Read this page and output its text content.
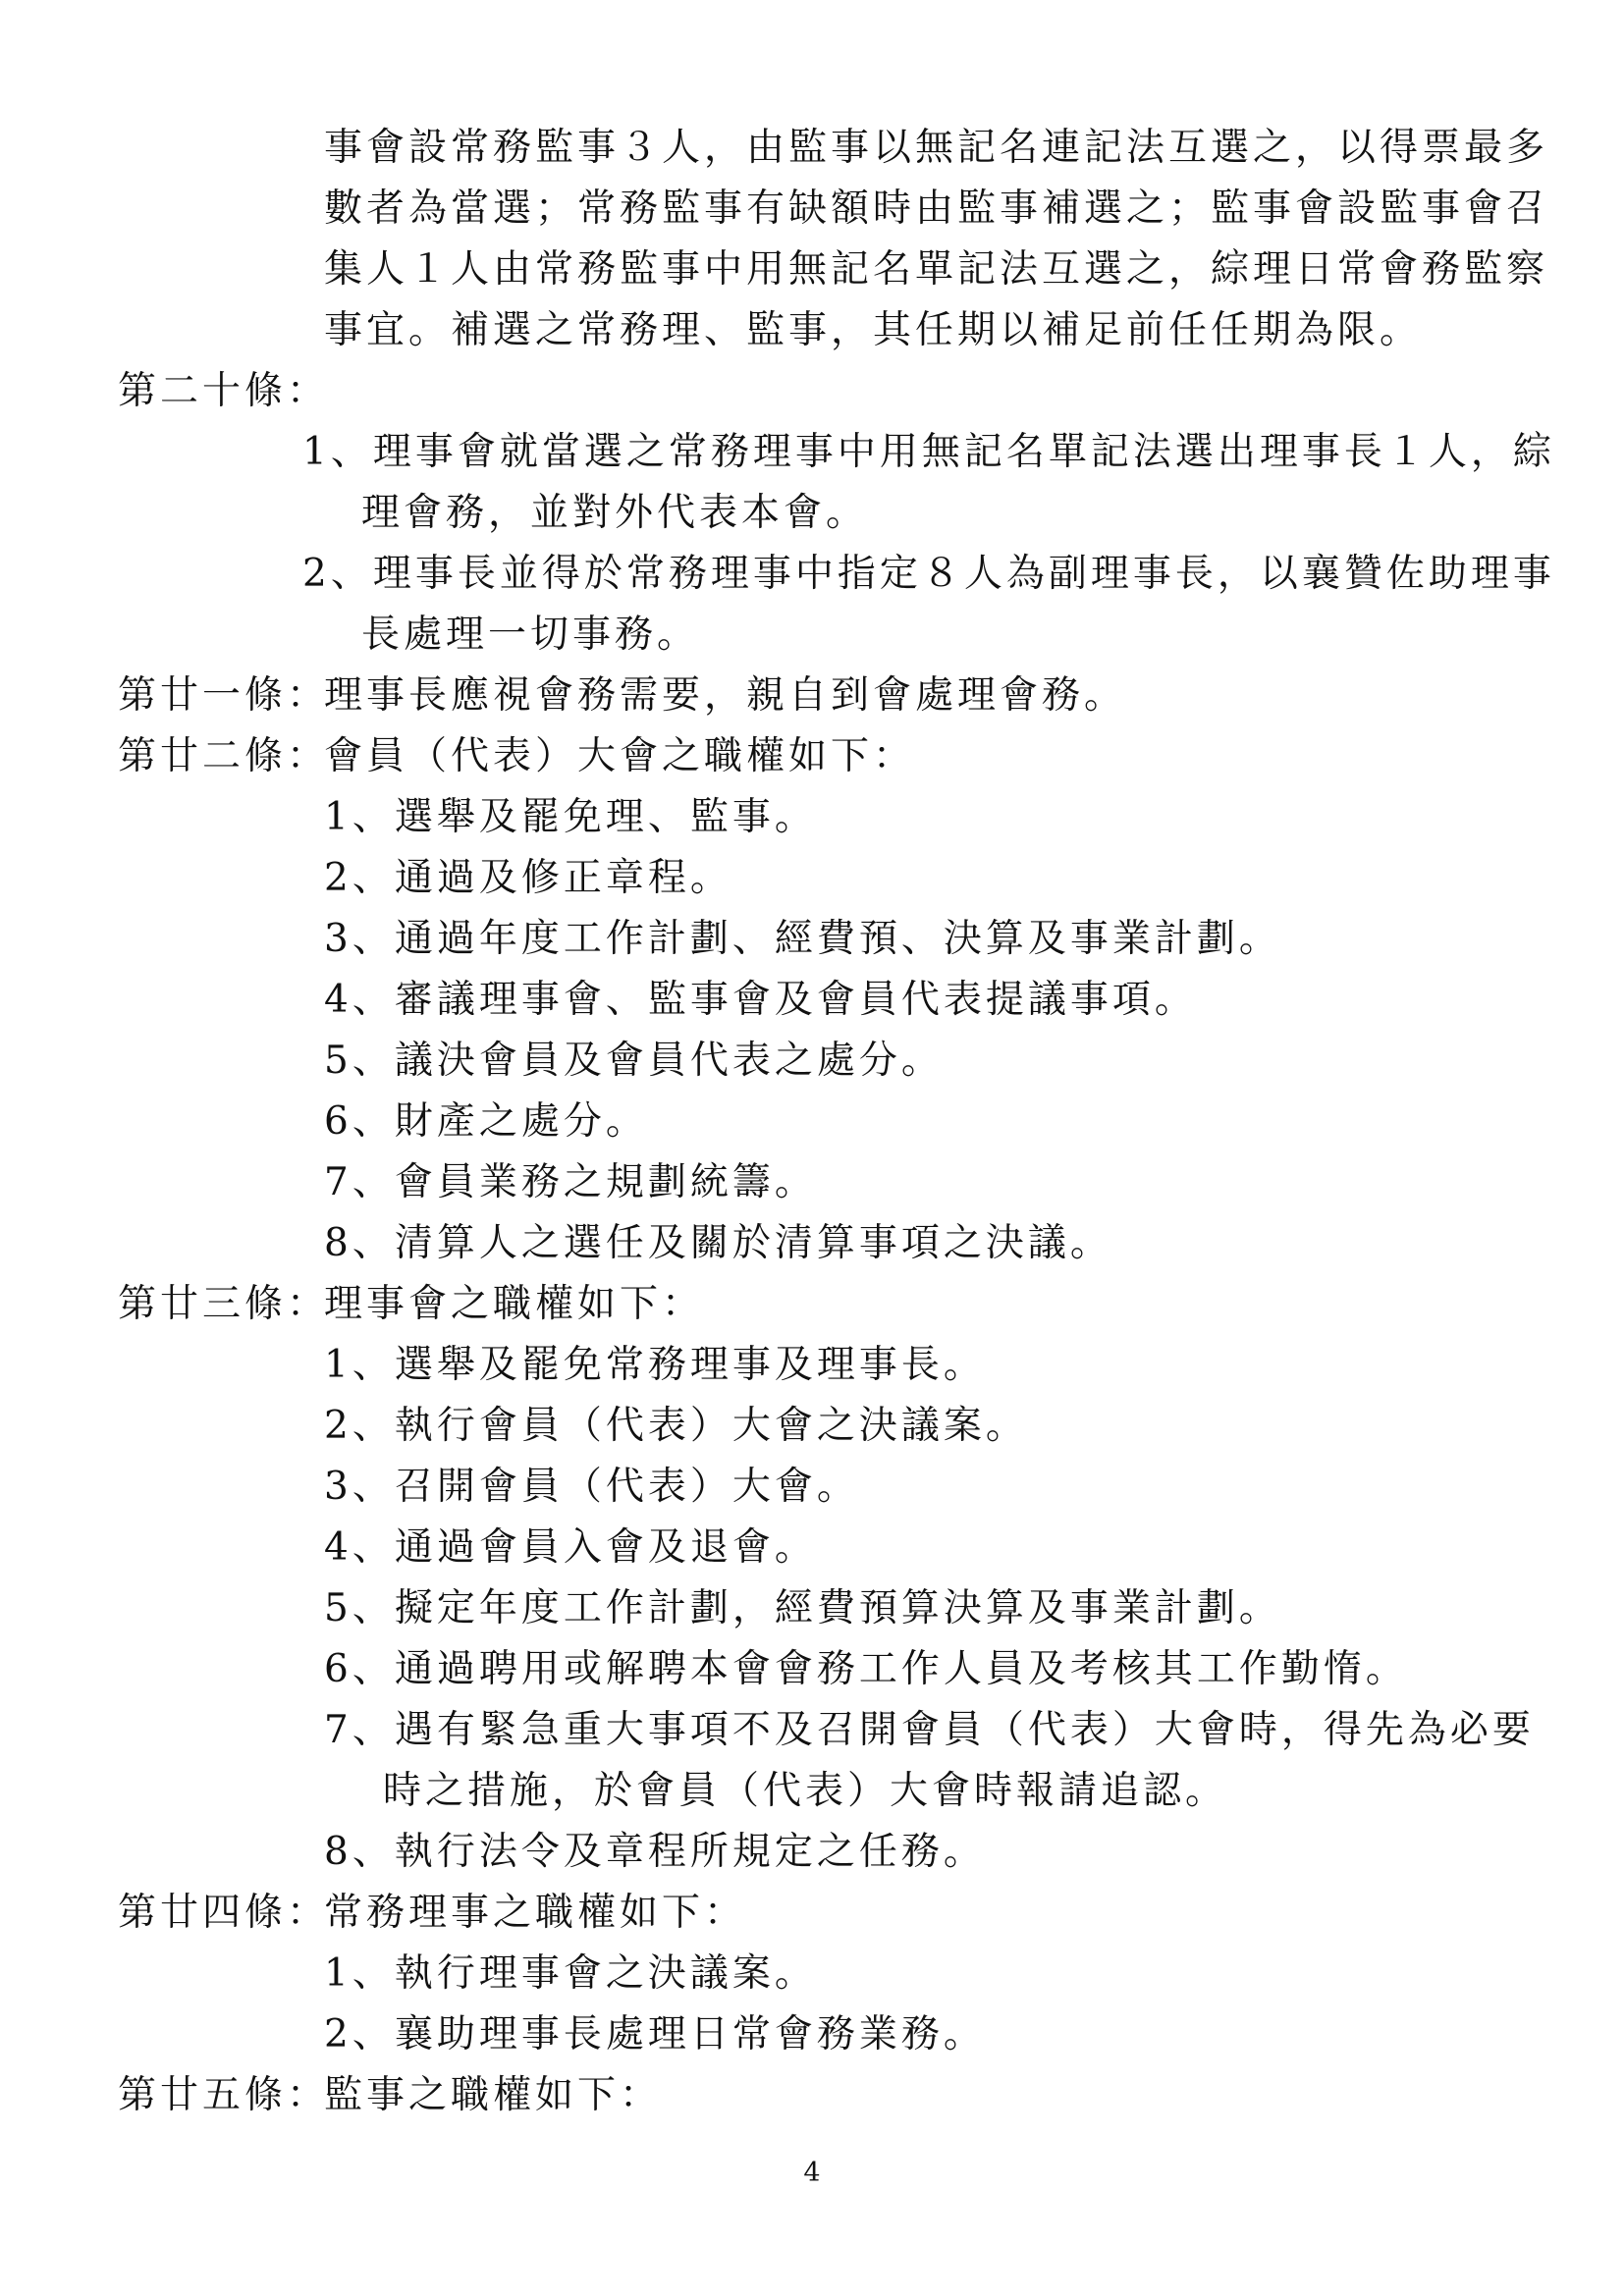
事會設常務監事３人，由監事以無記名連記法互選之，以得票最多

數者為當選；常務監事有缺額時由監事補選之；監事會設監事會召

集人１人由常務監事中用無記名單記法互選之，綜理日常會務監察

事宜。補選之常務理、監事，其任期以補足前任任期為限。

第二十條：

1、理事會就當選之常務理事中用無記名單記法選出理事長１人，綜

理會務，並對外代表本會。

2、理事長並得於常務理事中指定８人為副理事長，以襄贊佐助理事

長處理一切事務。

第廿一條：

理事長應視會務需要，親自到會處理會務。

第廿二條：

會員（代表）大會之職權如下：

1、選舉及罷免理、監事。

2、通過及修正章程。

3、通過年度工作計劃、經費預、決算及事業計劃。

4、審議理事會、監事會及會員代表提議事項。

5、議決會員及會員代表之處分。

6、財產之處分。

7、會員業務之規劃統籌。

8、清算人之選任及關於清算事項之決議。

第廿三條：

理事會之職權如下：

1、選舉及罷免常務理事及理事長。

2、執行會員（代表）大會之決議案。

3、召開會員（代表）大會。

4、通過會員入會及退會。

5、擬定年度工作計劃，經費預算決算及事業計劃。

6、通過聘用或解聘本會會務工作人員及考核其工作勤惰。

7、遇有緊急重大事項不及召開會員（代表）大會時，得先為必要

時之措施，於會員（代表）大會時報請追認。

8、執行法令及章程所規定之任務。

第廿四條：

常務理事之職權如下：

1、執行理事會之決議案。

2、襄助理事長處理日常會務業務。

第廿五條：

監事之職權如下：

4
